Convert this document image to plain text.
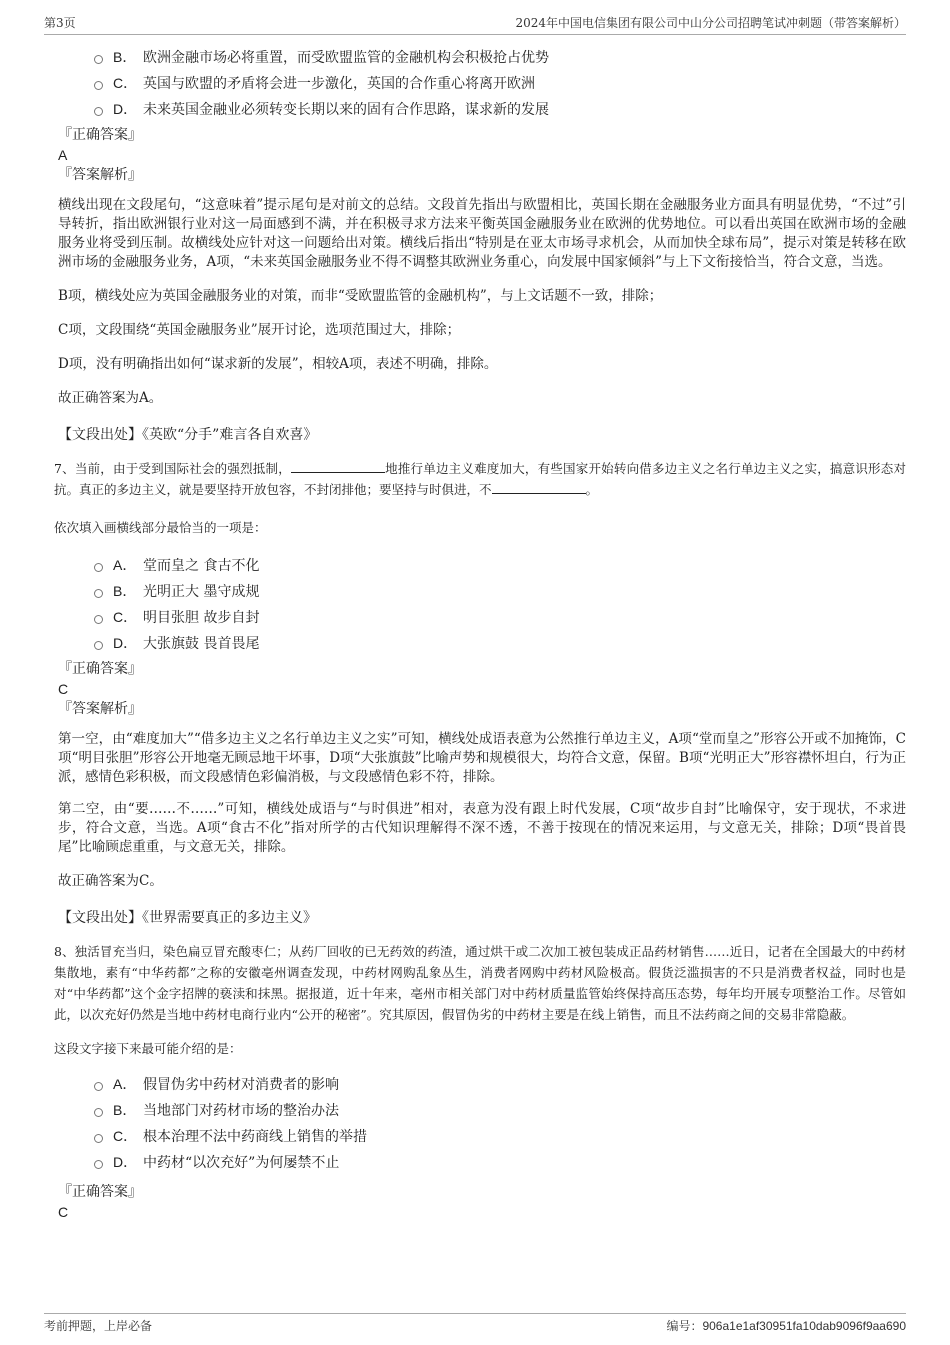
第3页	2024年中国电信集团有限公司中山分公司招聘笔试冲刺题（带答案解析）
B． 欧洲金融市场必将重置，而受欧盟监管的金融机构会积极抢占优势
C． 英国与欧盟的矛盾将会进一步激化，英国的合作重心将离开欧洲
D． 未来英国金融业必须转变长期以来的固有合作思路，谋求新的发展
『正确答案』
A
『答案解析』

横线出现在文段尾句，“这意味着”提示尾句是对前文的总结。文段首先指出与欧盟相比，英国长期在金融服务业方面具有明显优势，“不过”引导转折，指出欧洲银行业对这一局面感到不满，并在积极寻求方法来平衡英国金融服务业在欧洲的优势地位。可以看出英国在欧洲市场的金融服务业将受到压制。故横线处应针对这一问题给出对策。横线后指出“特别是在亚太市场寻求机会，从而加快全球布局”，提示对策是转移在欧洲市场的金融服务业务，A项，“未来英国金融服务业不得不调整其欧洲业务重心，向发展中国家倾斜”与上下文衔接恰当，符合文意，当选。

B项，横线处应为英国金融服务业的对策，而非“受欧盟监管的金融机构”，与上文话题不一致，排除；

C项，文段围绕“英国金融服务业”展开讨论，选项范围过大，排除；

D项，没有明确指出如何“谋求新的发展”，相较A项，表述不明确，排除。

故正确答案为A。

【文段出处】《英欧“分手”难言各自欢喜》

7、当前，由于受到国际社会的强烈抵制，	地推行单边主义难度加大，有些国家开始转向借多边主义之名行单边主义之实，搞意识形态对抗。真正的多边主义，就是要坚持开放包容，不封闭排他；要坚持与时俱进，不	。

依次填入画横线部分最恰当的一项是：

A． 堂而皇之 食古不化
B． 光明正大 墨守成规
C． 明目张胆 故步自封
D． 大张旗鼓 畏首畏尾
『正确答案』
C
『答案解析』

第一空，由“难度加大”“借多边主义之名行单边主义之实”可知，横线处成语表意为公然推行单边主义，A项“堂而皇之”形容公开或不加掩饰，C项“明目张胆”形容公开地毫无顾忌地干坏事，D项“大张旗鼓”比喻声势和规模很大，均符合文意，保留。B项“光明正大”形容襟怀坦白，行为正派，感情色彩积极，而文段感情色彩偏消极，与文段感情色彩不符，排除。

第二空，由“要……不……”可知，横线处成语与“与时俱进”相对，表意为没有跟上时代发展，C项“故步自封”比喻保守，安于现状，不求进步，符合文意，当选。A项“食古不化”指对所学的古代知识理解得不深不透，不善于按现在的情况来运用，与文意无关，排除；D项“畏首畏尾”比喻顾虑重重，与文意无关，排除。

故正确答案为C。

【文段出处】《世界需要真正的多边主义》

8、独活冒充当归，染色扁豆冒充酸枣仁；从药厂回收的已无药效的药渣，通过烘干或二次加工被包装成正品药材销售……近日，记者在全国最大的中药材集散地，素有“中华药都”之称的安徽亳州调查发现，中药材网购乱象丛生，消费者网购中药材风险极高。假货泛滥损害的不只是消费者权益，同时也是对“中华药都”这个金字招牌的亵渎和抹黑。据报道，近十年来，亳州市相关部门对中药材质量监管始终保持高压态势，每年均开展专项整治工作。尽管如此，以次充好仍然是当地中药材电商行业内“公开的秘密”。究其原因，假冒伪劣的中药材主要是在线上销售，而且不法药商之间的交易非常隐蔽。

这段文字接下来最可能介绍的是：

A． 假冒伪劣中药材对消费者的影响
B． 当地部门对药材市场的整治办法
C． 根本治理不法中药商线上销售的举措
D． 中药材“以次充好”为何屡禁不止
『正确答案』
C
考前押题，上岸必备	编号：906a1e1af30951fa10dab9096f9aa690
